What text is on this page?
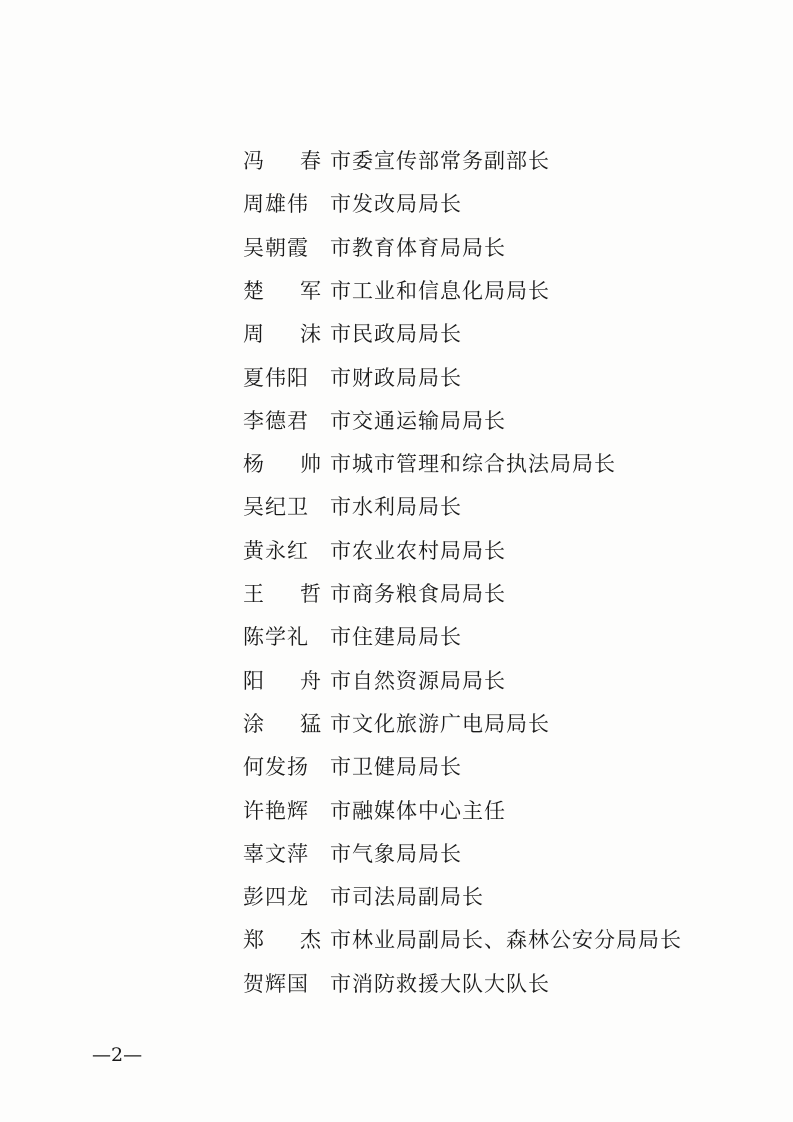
冯 春 市委宣传部常务副部长
周雄伟	市发改局局长
吴朝霞	市教育体育局局长
楚 军 市工业和信息化局局长
周 沫 市民政局局长
夏伟阳	市财政局局长
李德君	市交通运输局局长
杨 帅 市城市管理和综合执法局局长
吴纪卫	市水利局局长
黄永红	市农业农村局局长
王 哲 市商务粮食局局长
陈学礼	市住建局局长
阳 舟 市自然资源局局长
涂 猛 市文化旅游广电局局长
何发扬	市卫健局局长
许艳辉	市融媒体中心主任
辜文萍	市气象局局长
彭四龙	市司法局副局长
郑 杰 市林业局副局长、森林公安分局局长
贺辉国	市消防救援大队大队长
—2—
